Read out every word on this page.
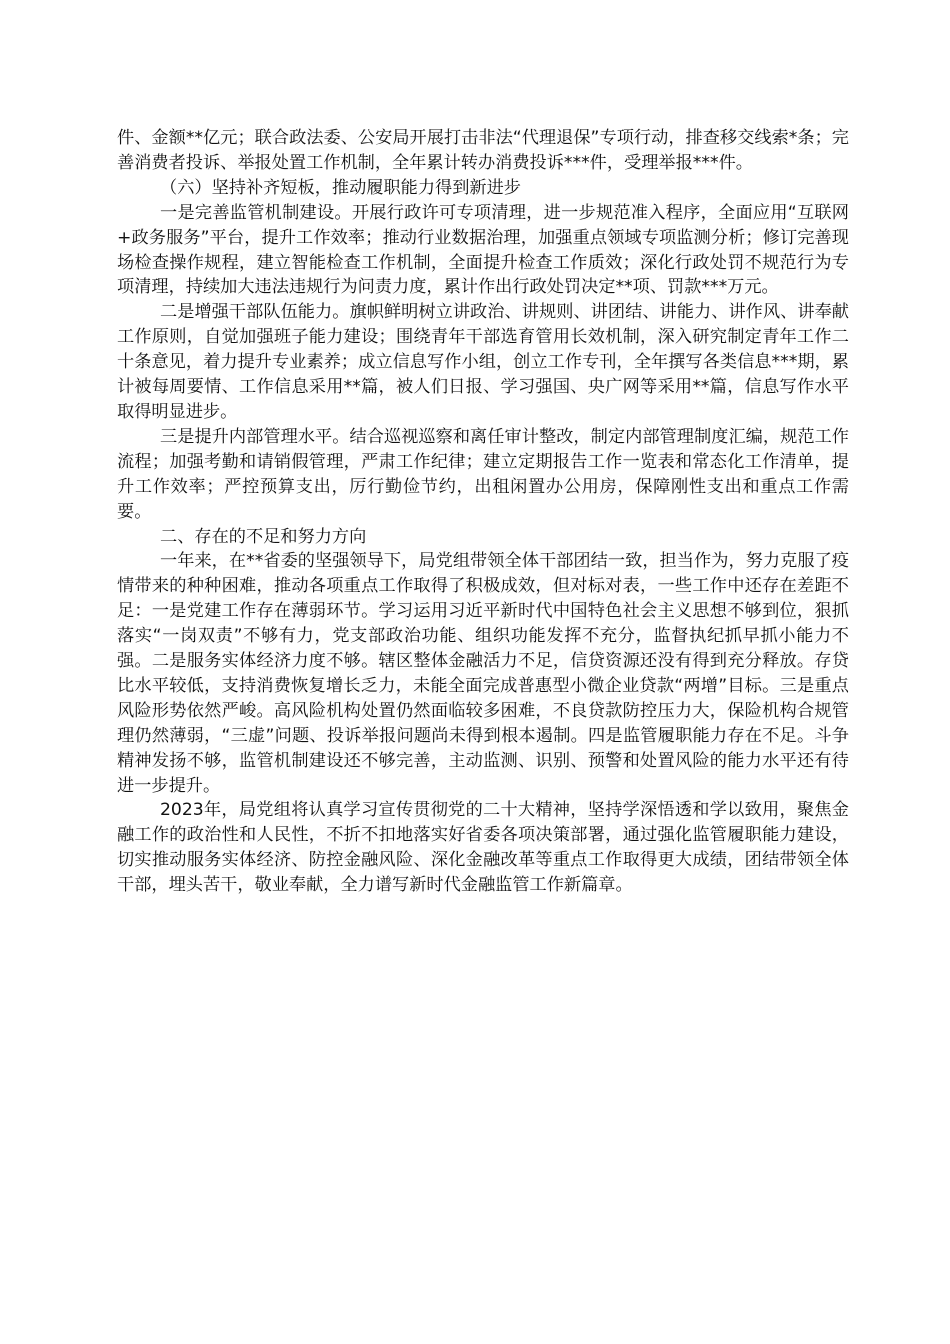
件、金额**亿元；联合政法委、公安局开展打击非法“代理退保”专项行动，排查移交线索*条；完善消费者投诉、举报处置工作机制，全年累计转办消费投诉***件，受理举报***件。

（六）坚持补齐短板，推动履职能力得到新进步

一是完善监管机制建设。开展行政许可专项清理，进一步规范准入程序，全面应用“互联网+政务服务”平台，提升工作效率；推动行业数据治理，加强重点领域专项监测分析；修订完善现场检查操作规程，建立智能检查工作机制，全面提升检查工作质效；深化行政处罚不规范行为专项清理，持续加大违法违规行为问责力度，累计作出行政处罚决定**项、罚款***万元。

二是增强干部队伍能力。旗帜鲜明树立讲政治、讲规则、讲团结、讲能力、讲作风、讲奉献工作原则，自觉加强班子能力建设；围绕青年干部选育管用长效机制，深入研究制定青年工作二十条意见，着力提升专业素养；成立信息写作小组，创立工作专刊，全年撰写各类信息***期，累计被每周要情、工作信息采用**篇，被人们日报、学习强国、央广网等采用**篇，信息写作水平取得明显进步。

三是提升内部管理水平。结合巡视巡察和离任审计整改，制定内部管理制度汇编，规范工作流程；加强考勤和请销假管理，严肃工作纪律；建立定期报告工作一览表和常态化工作清单，提升工作效率；严控预算支出，厉行勤俭节约，出租闲置办公用房，保障刚性支出和重点工作需要。

二、存在的不足和努力方向

一年来，在**省委的坚强领导下，局党组带领全体干部团结一致，担当作为，努力克服了疫情带来的种种困难，推动各项重点工作取得了积极成效，但对标对表，一些工作中还存在差距不足：一是党建工作存在薄弱环节。学习运用习近平新时代中国特色社会主义思想不够到位，狠抓落实“一岗双责”不够有力，党支部政治功能、组织功能发挥不充分，监督执纪抓早抓小能力不强。二是服务实体经济力度不够。辖区整体金融活力不足，信贷资源还没有得到充分释放。存贷比水平较低，支持消费恢复增长乏力，未能全面完成普惠型小微企业贷款“两增”目标。三是重点风险形势依然严峻。高风险机构处置仍然面临较多困难，不良贷款防控压力大，保险机构合规管理仍然薄弱，“三虚”问题、投诉举报问题尚未得到根本遏制。四是监管履职能力存在不足。斗争精神发扬不够，监管机制建设还不够完善，主动监测、识别、预警和处置风险的能力水平还有待进一步提升。

2023年，局党组将认真学习宣传贯彻党的二十大精神，坚持学深悟透和学以致用，聚焦金融工作的政治性和人民性，不折不扣地落实好省委各项决策部署，通过强化监管履职能力建设，切实推动服务实体经济、防控金融风险、深化金融改革等重点工作取得更大成绩，团结带领全体干部，埋头苦干，敬业奉献，全力谱写新时代金融监管工作新篇章。
